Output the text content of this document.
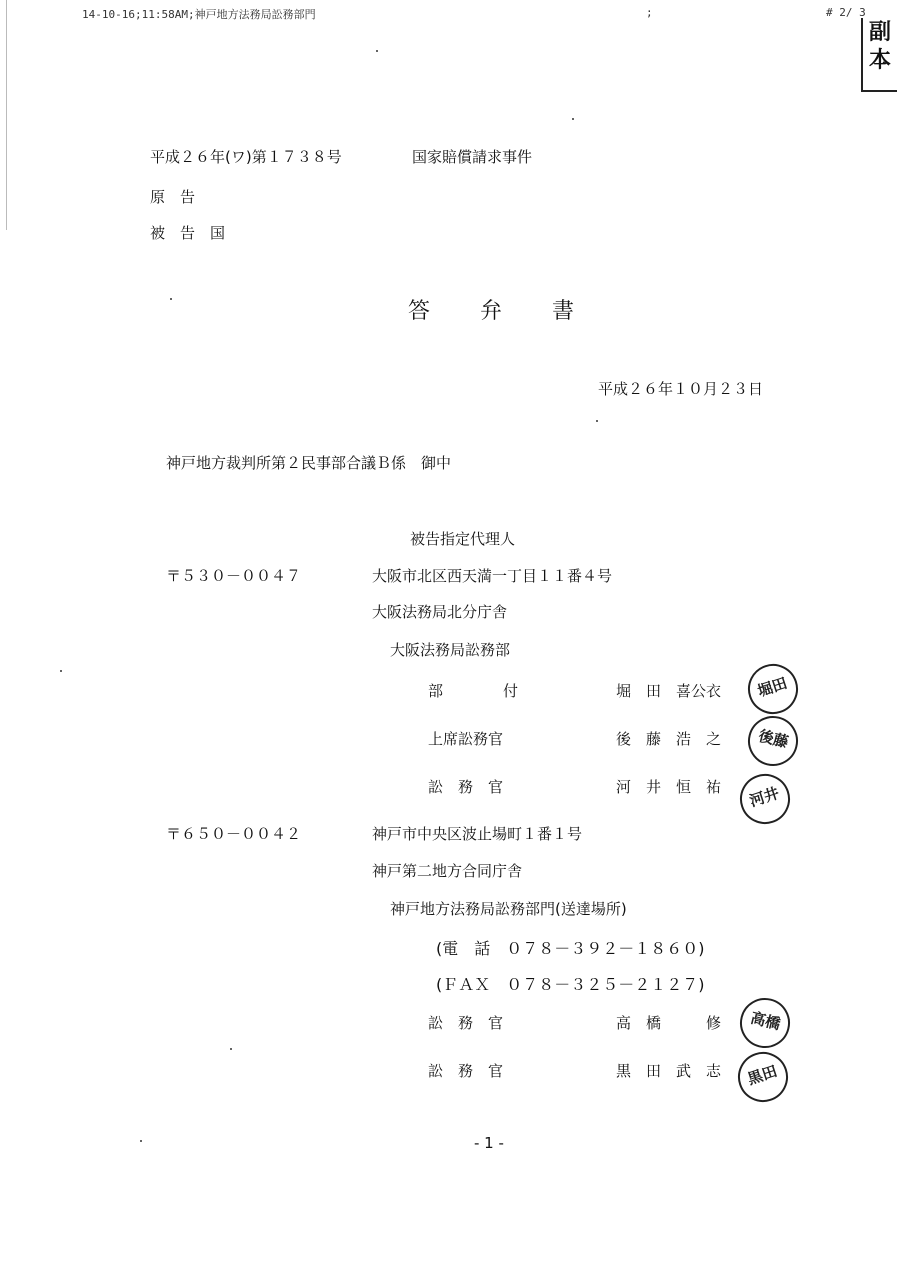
14-10-16;11:58AM;神戸地方法務局訟務部門	;	# 2/ 3
副本
平成２６年(ワ)第１７３８号	国家賠償請求事件
原　告
被　告　国
答　　弁　　書
平成２６年１０月２３日
神戸地方裁判所第２民事部合議Ｂ係　御中
被告指定代理人
〒５３０－００４７	大阪市北区西天満一丁目１１番４号
大阪法務局北分庁舎
大阪法務局訟務部
部　　　　付	堀　田　喜公衣	堀田
上席訟務官	後　藤　浩　之	後藤
訟　務　官	河　井　恒　祐	河井
〒６５０－００４２	神戸市中央区波止場町１番１号
神戸第二地方合同庁舎
神戸地方法務局訟務部門(送達場所)
(電　話　０７８－３９２－１８６０)
(ＦＡＸ　０７８－３２５－２１２７)
訟　務　官	高　橋　　　修	高橋
訟　務　官	黒　田　武　志	黒田
- 1 -
